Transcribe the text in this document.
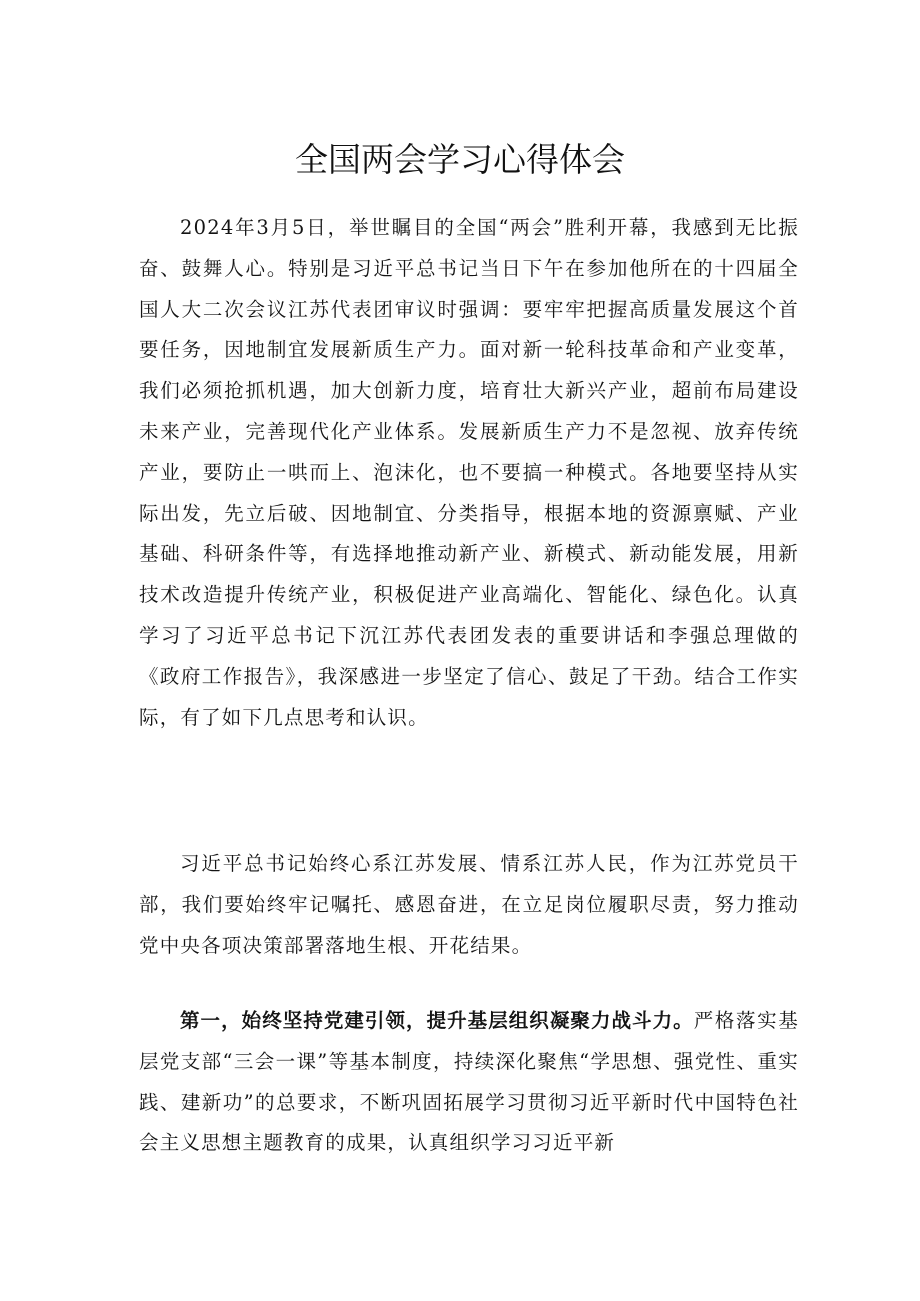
全国两会学习心得体会

2024年3月5日，举世瞩目的全国“两会”胜利开幕，我感到无比振奋、鼓舞人心。特别是习近平总书记当日下午在参加他所在的十四届全国人大二次会议江苏代表团审议时强调：要牢牢把握高质量发展这个首要任务，因地制宜发展新质生产力。面对新一轮科技革命和产业变革，我们必须抢抓机遇，加大创新力度，培育壮大新兴产业，超前布局建设未来产业，完善现代化产业体系。发展新质生产力不是忽视、放弃传统产业，要防止一哄而上、泡沫化，也不要搞一种模式。各地要坚持从实际出发，先立后破、因地制宜、分类指导，根据本地的资源禀赋、产业基础、科研条件等，有选择地推动新产业、新模式、新动能发展，用新技术改造提升传统产业，积极促进产业高端化、智能化、绿色化。认真学习了习近平总书记下沉江苏代表团发表的重要讲话和李强总理做的《政府工作报告》，我深感进一步坚定了信心、鼓足了干劲。结合工作实际，有了如下几点思考和认识。

习近平总书记始终心系江苏发展、情系江苏人民，作为江苏党员干部，我们要始终牢记嘱托、感恩奋进，在立足岗位履职尽责，努力推动党中央各项决策部署落地生根、开花结果。

第一，始终坚持党建引领，提升基层组织凝聚力战斗力。严格落实基层党支部“三会一课”等基本制度，持续深化聚焦“学思想、强党性、重实践、建新功”的总要求，不断巩固拓展学习贯彻习近平新时代中国特色社会主义思想主题教育的成果，认真组织学习习近平新
